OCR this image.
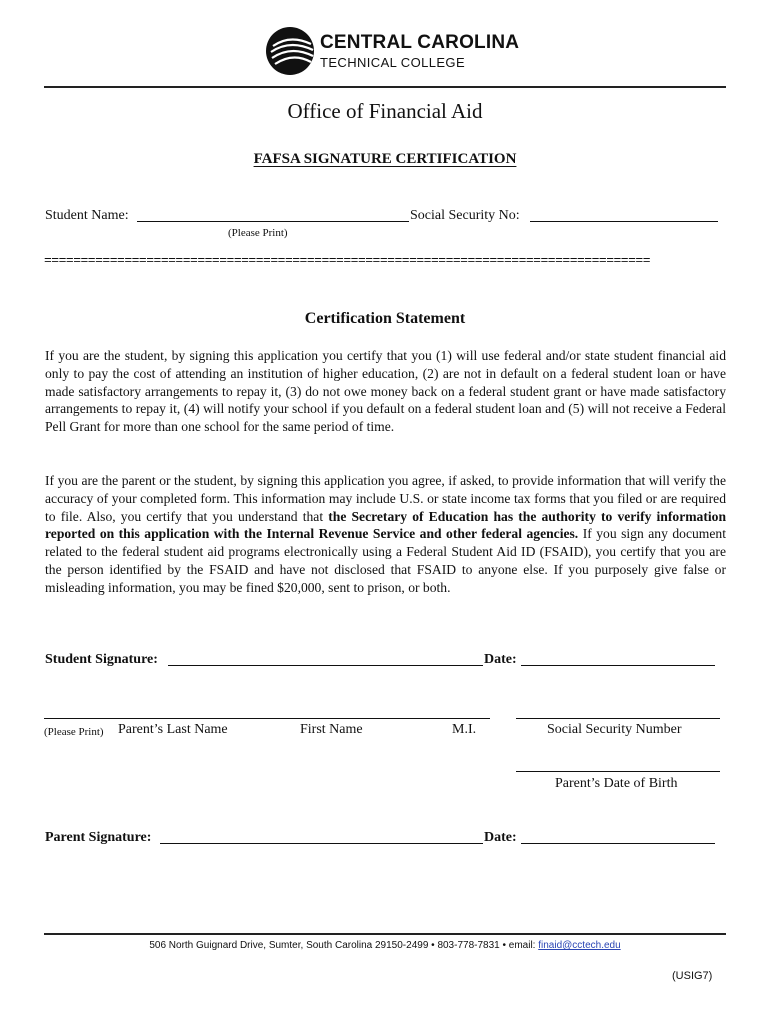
CENTRAL CAROLINA
TECHNICAL COLLEGE
Office of Financial Aid
FAFSA SIGNATURE CERTIFICATION
Student Name:
(Please Print)
Social Security No:
===================================================================================
Certification Statement
If you are the student, by signing this application you certify that you (1) will use federal and/or state student financial aid only to pay the cost of attending an institution of higher education, (2) are not in default on a federal student loan or have made satisfactory arrangements to repay it, (3) do not owe money back on a federal student grant or have made satisfactory arrangements to repay it, (4) will notify your school if you default on a federal student loan and (5) will not receive a Federal Pell Grant for more than one school for the same period of time.
If you are the parent or the student, by signing this application you agree, if asked, to provide information that will verify the accuracy of your completed form. This information may include U.S. or state income tax forms that you filed or are required to file. Also, you certify that you understand that the Secretary of Education has the authority to verify information reported on this application with the Internal Revenue Service and other federal agencies. If you sign any document related to the federal student aid programs electronically using a Federal Student Aid ID (FSAID), you certify that you are the person identified by the FSAID and have not disclosed that FSAID to anyone else. If you purposely give false or misleading information, you may be fined $20,000, sent to prison, or both.
Student Signature:	Date:
(Please Print) Parent’s Last Name	First Name	M.I.	Social Security Number
Parent’s Date of Birth
Parent Signature:	Date:
506 North Guignard Drive, Sumter, South Carolina 29150-2499 • 803-778-7831 • email: finaid@cctech.edu
(USIG7)
